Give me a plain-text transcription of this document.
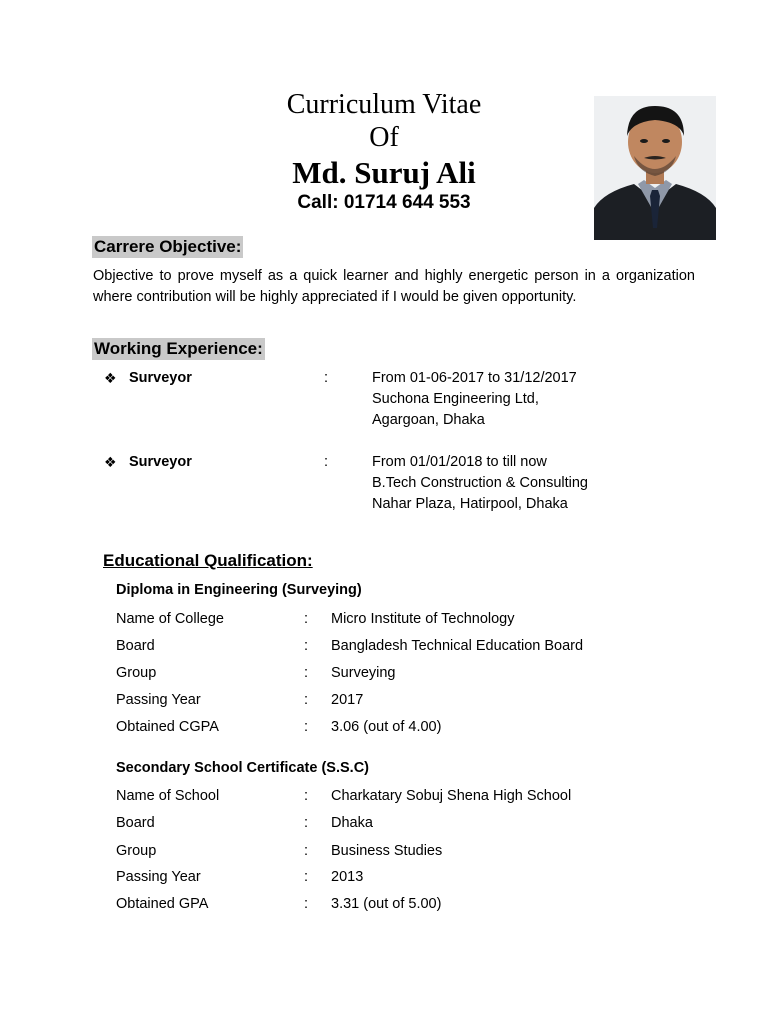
Curriculum Vitae
Of
Md. Suruj Ali
Call: 01714 644 553
Carrere Objective:
Objective to prove myself as a quick learner and highly energetic person in a organization where contribution will be highly appreciated if I would be given opportunity.
Working Experience:
❖ Surveyor	:	From 01-06-2017 to 31/12/2017
Suchona Engineering Ltd,
Agargoan, Dhaka
❖ Surveyor	:	From 01/01/2018 to till now
B.Tech Construction & Consulting
Nahar Plaza, Hatirpool, Dhaka
Educational Qualification:
Diploma in Engineering (Surveying)
Name of College	: Micro Institute of Technology
Board	: Bangladesh Technical Education Board
Group	: Surveying
Passing Year	: 2017
Obtained CGPA	: 3.06 (out of 4.00)
Secondary School Certificate (S.S.C)
Name of School	: Charkatary Sobuj Shena High School
Board	: Dhaka
Group	: Business Studies
Passing Year	: 2013
Obtained GPA	: 3.31 (out of 5.00)
